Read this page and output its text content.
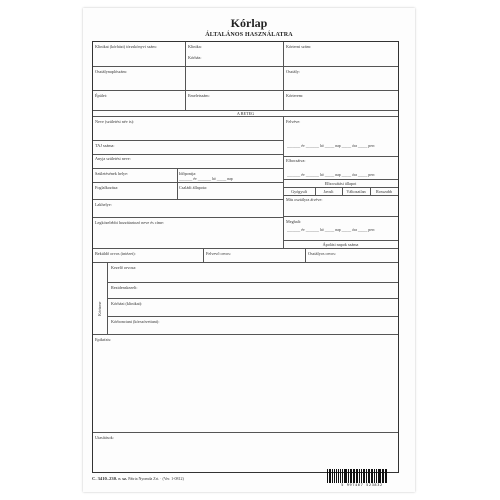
Kórlap
ÁLTALÁNOS HASZNÁLATRA
Klinikai (kórházi) törzskönyvi szám:	Klinika:
Kórház:
Kórterni szám:
Osztálynaplószám:	Osztály:
Épület:	Emeletszám:	Kórterem:
A BETEG
Neve (születési név is):
TAJ száma:
Anyja születési neve:
Születésének helye:	Időpontja:
_______ év _______ hó _____ nap
Foglalkozása:	Családi állapota:
Lakhelye:
Legközelebbi hozzátartozó neve és címe:
Felvéve:
_______ év _______ hó _____ nap _____ óra _____ perc
Elbocsátva:
_______ év _______ hó _____ nap _____ óra _____ perc
Elbocsátási állapot
Gyógyult	Javult	Változatlan	Rosszabb
Más osztályra átvéve:
Meghalt:
_______ év _______ hó _____ nap _____ óra _____ perc
Ápolási napok száma
Beküldő orvos (intézet):	Felvevő orvos:	Osztályos orvos:
Kórisme
Kezelő orvosa:
Rezidenskezelt:
Kórházi (klinikai):
Kórbonctani (kórszövettani):
Epikrízis:
Utasítások:
C. 3410–230. r. sz. Pátria Nyomda Zrt. · (Ver. 1-0812)
5 997467 523832
